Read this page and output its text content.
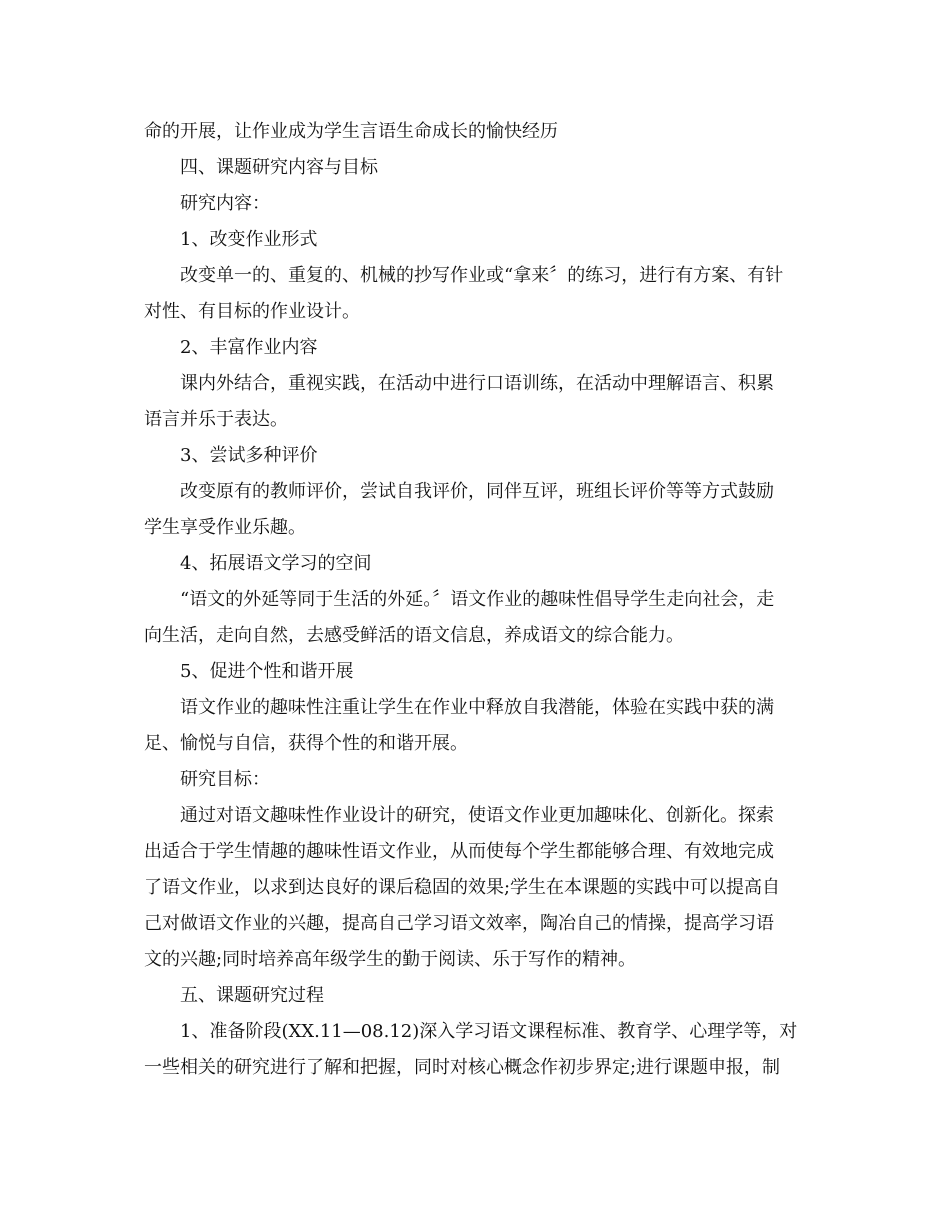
命的开展，让作业成为学生言语生命成长的愉快经历
四、课题研究内容与目标
研究内容：
1、改变作业形式
改变单一的、重复的、机械的抄写作业或“拿来〞的练习，进行有方案、有针
对性、有目标的作业设计。
2、丰富作业内容
课内外结合，重视实践，在活动中进行口语训练，在活动中理解语言、积累
语言并乐于表达。
3、尝试多种评价
改变原有的教师评价，尝试自我评价，同伴互评，班组长评价等等方式鼓励
学生享受作业乐趣。
4、拓展语文学习的空间
“语文的外延等同于生活的外延。〞语文作业的趣味性倡导学生走向社会，走
向生活，走向自然，去感受鲜活的语文信息，养成语文的综合能力。
5、促进个性和谐开展
语文作业的趣味性注重让学生在作业中释放自我潜能，体验在实践中获的满
足、愉悦与自信，获得个性的和谐开展。
研究目标：
通过对语文趣味性作业设计的研究，使语文作业更加趣味化、创新化。探索
出适合于学生情趣的趣味性语文作业，从而使每个学生都能够合理、有效地完成
了语文作业，以求到达良好的课后稳固的效果;学生在本课题的实践中可以提高自
己对做语文作业的兴趣，提高自己学习语文效率，陶冶自己的情操，提高学习语
文的兴趣;同时培养高年级学生的勤于阅读、乐于写作的精神。
五、课题研究过程
1、准备阶段(XX.11—08.12)深入学习语文课程标准、教育学、心理学等，对
一些相关的研究进行了解和把握，同时对核心概念作初步界定;进行课题申报，制
